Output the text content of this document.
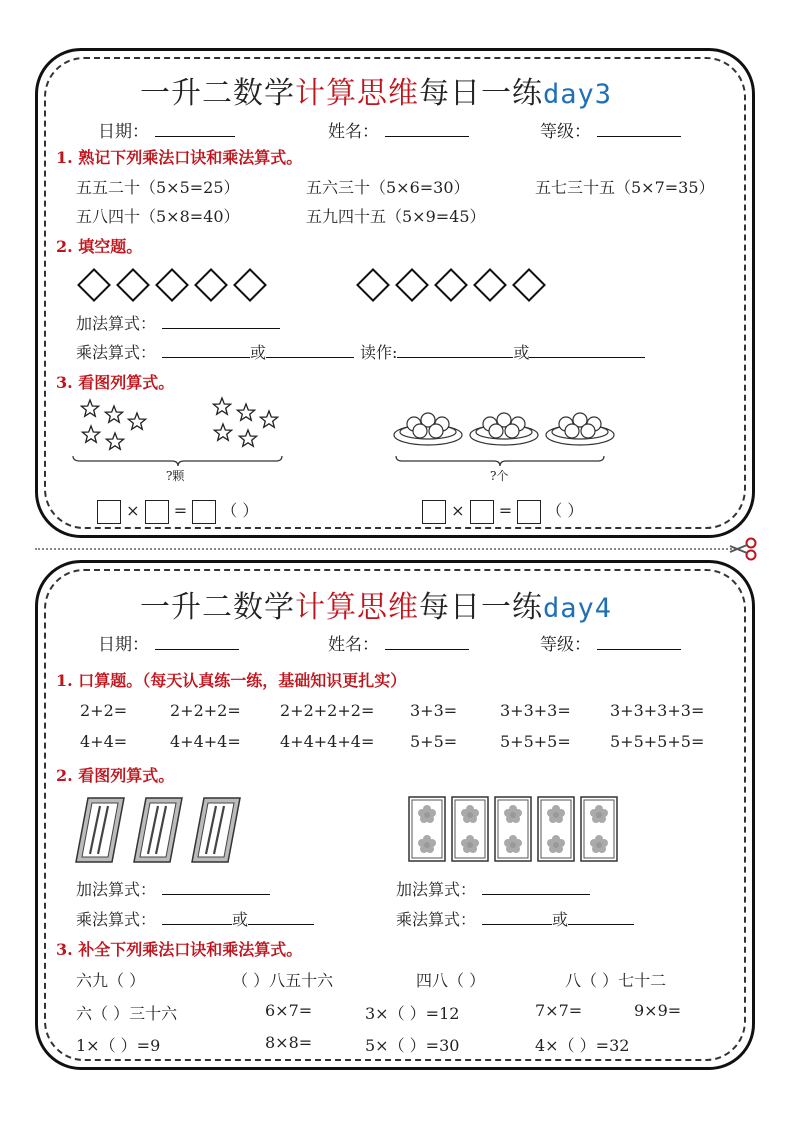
一升二数学计算思维每日一练day3
日期：	姓名：	等级：
1. 熟记下列乘法口诀和乘法算式。
五五二十（5×5=25）	五六三十（5×6=30）	五七三十五（5×7=35）
五八四十（5×8=40）	五九四十五（5×9=45）
2. 填空题。
加法算式：
乘法算式：	或	读作:	或
3. 看图列算式。
?颗	?个
× = （ ）	× = （ ）
一升二数学计算思维每日一练day4
日期：	姓名：	等级：
1. 口算题。（每天认真练一练，基础知识更扎实）
2+2=	2+2+2= 2+2+2+2= 3+3=	3+3+3= 3+3+3+3=
4+4=	4+4+4= 4+4+4+4= 5+5=	5+5+5= 5+5+5+5=
2. 看图列算式。
加法算式：	加法算式：
乘法算式：	或	乘法算式：	或
3. 补全下列乘法口诀和乘法算式。
六九（ ）	（ ）八五十六	四八（ ）	八（ ）七十二
六（ ）三十六	6×7=	3×（ ）=12	7×7=	9×9=
1×（ ）=9	8×8=	5×（ ）=30	4×（ ）=32
